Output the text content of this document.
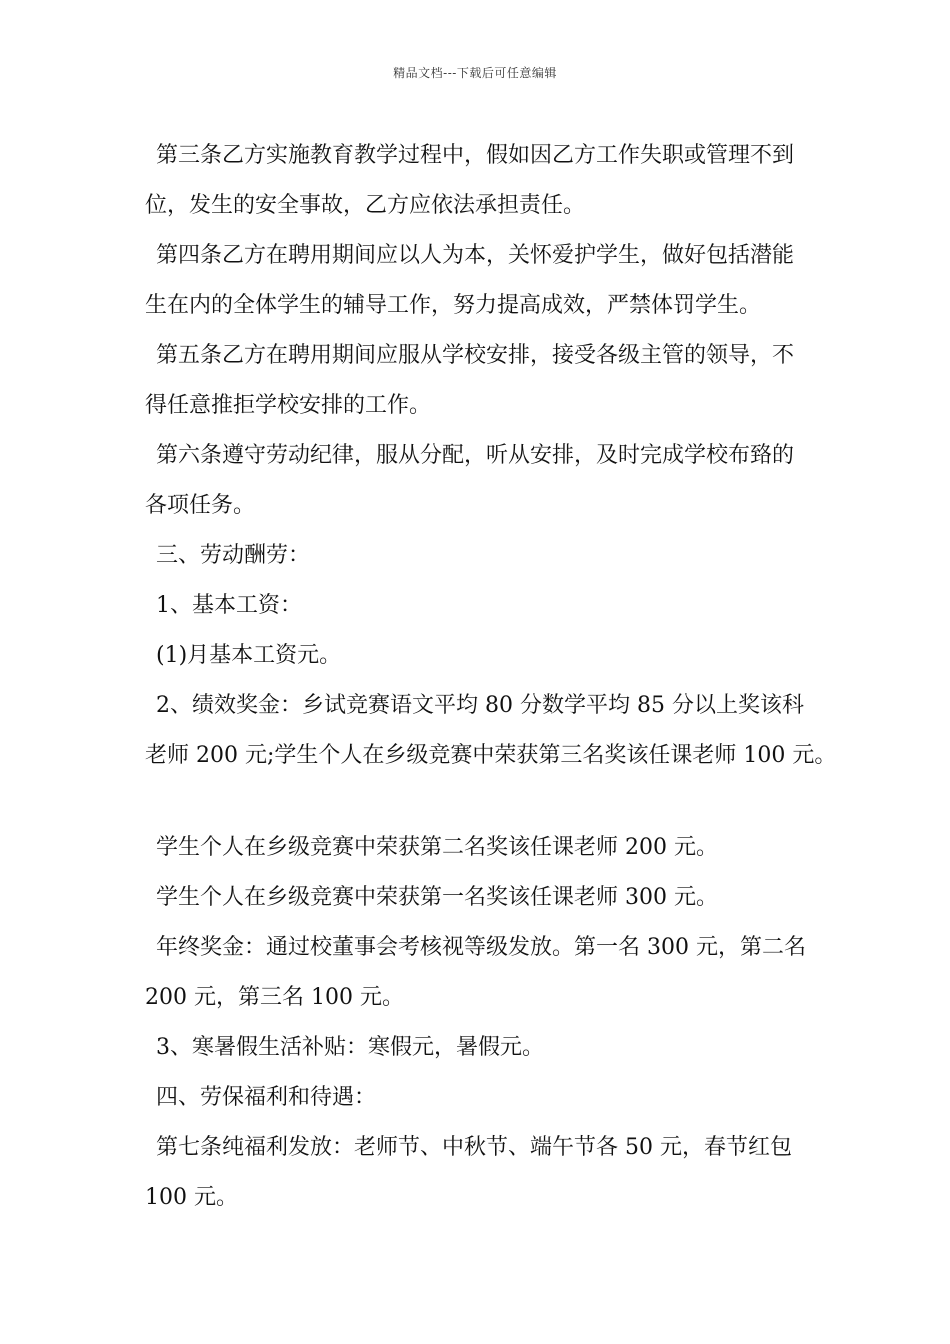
精品文档---下载后可任意编辑
第三条乙方实施教育教学过程中，假如因乙方工作失职或管理不到
位，发生的安全事故，乙方应依法承担责任。
第四条乙方在聘用期间应以人为本，关怀爱护学生，做好包括潜能
生在内的全体学生的辅导工作，努力提高成效，严禁体罚学生。
第五条乙方在聘用期间应服从学校安排，接受各级主管的领导，不
得任意推拒学校安排的工作。
第六条遵守劳动纪律，服从分配，听从安排，及时完成学校布臵的
各项任务。
三、劳动酬劳：
1、基本工资：
(1)月基本工资元。
2、绩效奖金：乡试竞赛语文平均 80 分数学平均 85 分以上奖该科
老师 200 元;学生个人在乡级竞赛中荣获第三名奖该任课老师 100 元。
学生个人在乡级竞赛中荣获第二名奖该任课老师 200 元。
学生个人在乡级竞赛中荣获第一名奖该任课老师 300 元。
年终奖金：通过校董事会考核视等级发放。第一名 300 元，第二名
200 元，第三名 100 元。
3、寒暑假生活补贴：寒假元，暑假元。
四、劳保福利和待遇：
第七条纯福利发放：老师节、中秋节、端午节各 50 元，春节红包
100 元。
